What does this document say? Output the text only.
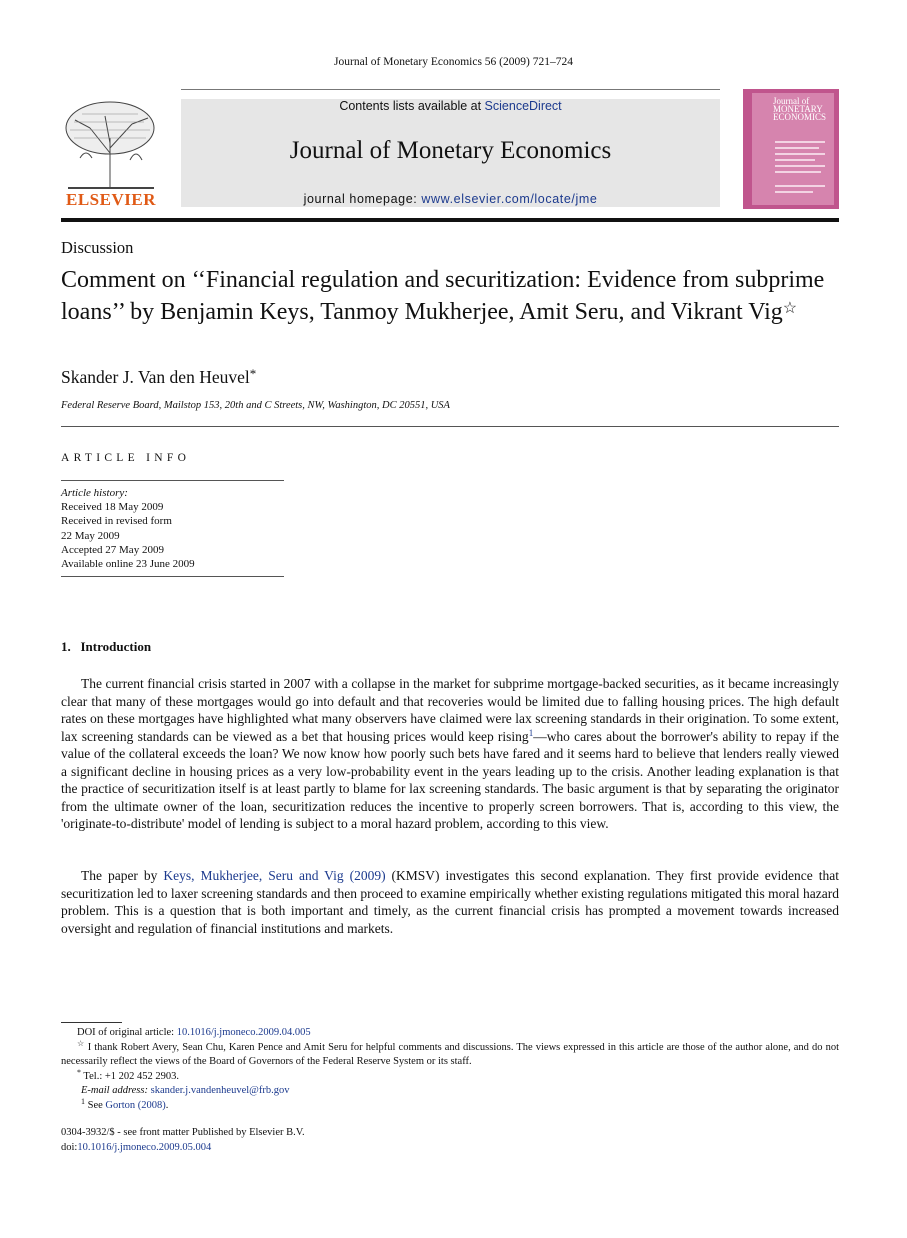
Journal of Monetary Economics 56 (2009) 721–724
ELSEVIER
Contents lists available at ScienceDirect
Journal of Monetary Economics
journal homepage: www.elsevier.com/locate/jme
Journal of MONETARY ECONOMICS
Discussion
Comment on ‘‘Financial regulation and securitization: Evidence from subprime loans’’ by Benjamin Keys, Tanmoy Mukherjee, Amit Seru, and Vikrant Vig☆
Skander J. Van den Heuvel*
Federal Reserve Board, Mailstop 153, 20th and C Streets, NW, Washington, DC 20551, USA
ARTICLE INFO
Article history:
Received 18 May 2009
Received in revised form
22 May 2009
Accepted 27 May 2009
Available online 23 June 2009
1. Introduction
The current financial crisis started in 2007 with a collapse in the market for subprime mortgage-backed securities, as it became increasingly clear that many of these mortgages would go into default and that recoveries would be limited due to falling housing prices. The high default rates on these mortgages have highlighted what many observers have claimed were lax screening standards in their origination. To some extent, lax screening standards can be viewed as a bet that housing prices would keep rising$^1$—who cares about the borrower's ability to repay if the value of the collateral exceeds the loan? We now know how poorly such bets have fared and it seems hard to believe that lenders really viewed a significant decline in housing prices as a very low-probability event in the years leading up to the crisis. Another leading explanation is that the practice of securitization itself is at least partly to blame for lax screening standards. The basic argument is that by separating the originator from the ultimate owner of the loan, securitization reduces the incentive to properly screen borrowers. That is, according to this view, the 'originate-to-distribute' model of lending is subject to a moral hazard problem, according to this view.
The paper by Keys, Mukherjee, Seru and Vig (2009) (KMSV) investigates this second explanation. They first provide evidence that securitization led to laxer screening standards and then proceed to examine empirically whether existing regulations mitigated this moral hazard problem. This is a question that is both important and timely, as the current financial crisis has prompted a movement towards increased oversight and regulation of financial institutions and markets.
DOI of original article: 10.1016/j.jmoneco.2009.04.005
☆ I thank Robert Avery, Sean Chu, Karen Pence and Amit Seru for helpful comments and discussions. The views expressed in this article are those of the author alone, and do not necessarily reflect the views of the Board of Governors of the Federal Reserve System or its staff.
* Tel.: +1 202 452 2903.
E-mail address: skander.j.vandenheuvel@frb.gov
$^1$ See Gorton (2008).
0304-3932/$ - see front matter Published by Elsevier B.V.
doi:10.1016/j.jmoneco.2009.05.004
